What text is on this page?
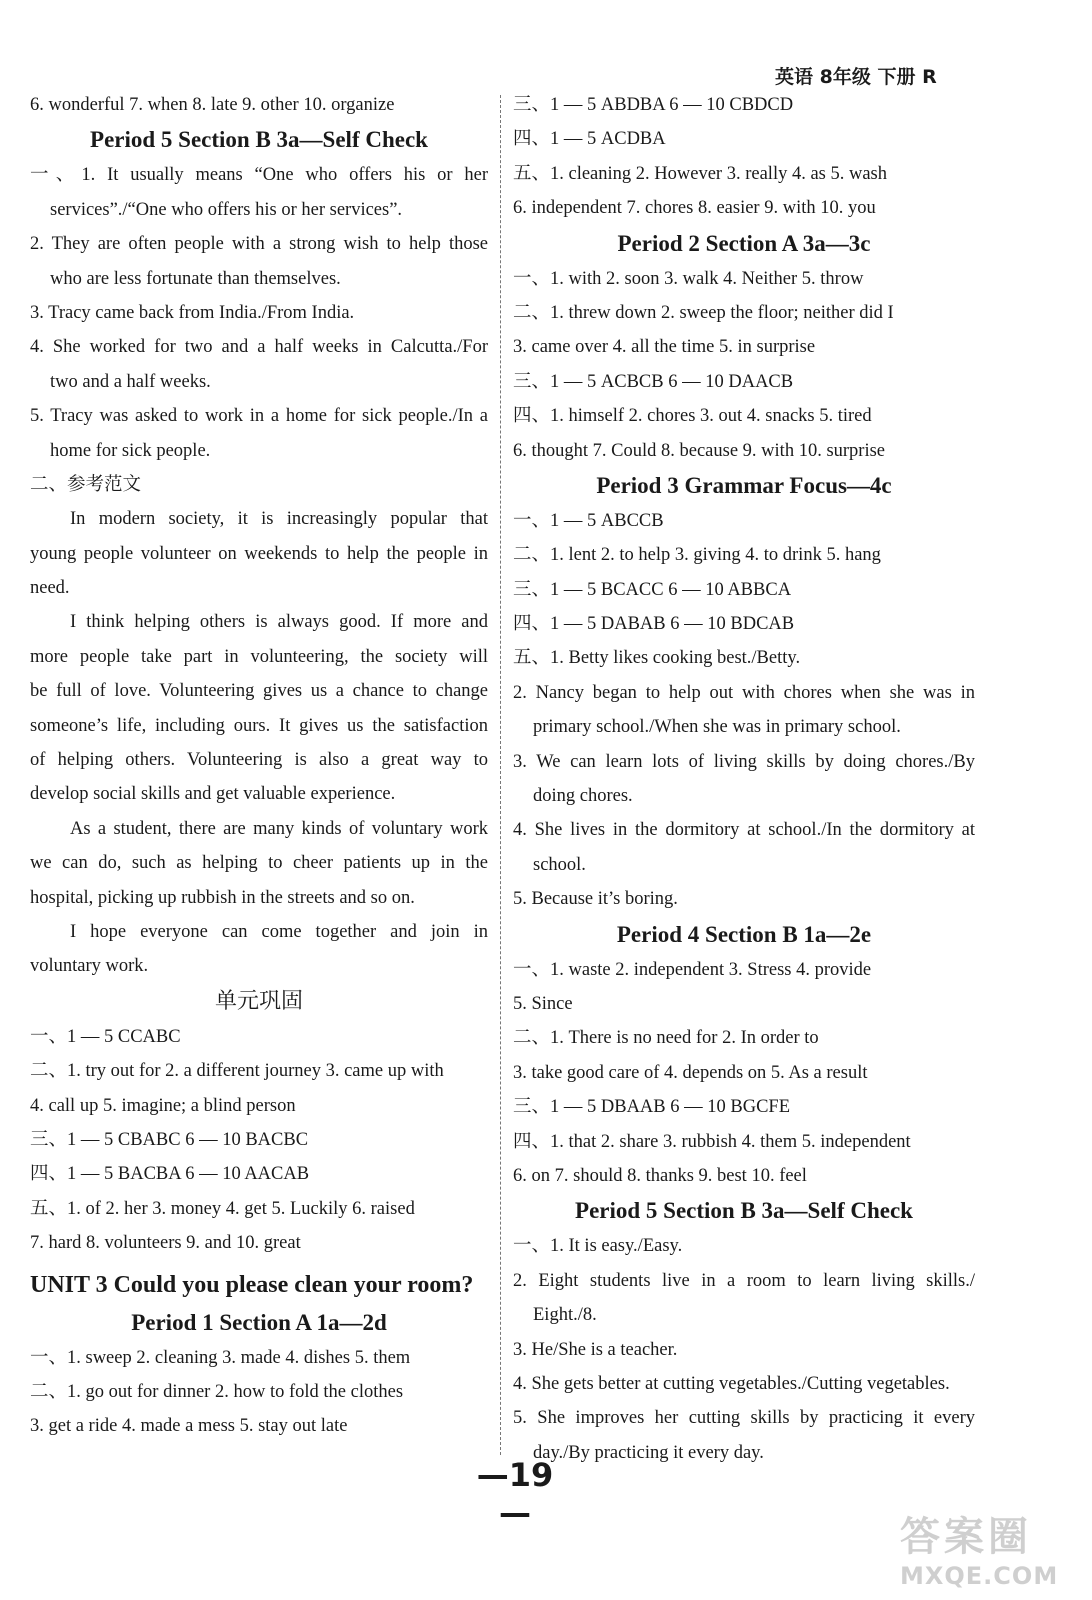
英语 8年级 下册 R
6. wonderful 7. when 8. late 9. other 10. organize
Period 5 Section B 3a—Self Check
一、1. It usually means “One who offers his or her
services”./“One who offers his or her services”.
2. They are often people with a strong wish to help those
who are less fortunate than themselves.
3. Tracy came back from India./From India.
4. She worked for two and a half weeks in Calcutta./For
two and a half weeks.
5. Tracy was asked to work in a home for sick people./In a
home for sick people.
二、参考范文
In modern society, it is increasingly popular that
young people volunteer on weekends to help the people in
need.
I think helping others is always good. If more and
more people take part in volunteering, the society will
be full of love. Volunteering gives us a chance to change
someone’s life, including ours. It gives us the satisfaction
of helping others. Volunteering is also a great way to
develop social skills and get valuable experience.
As a student, there are many kinds of voluntary work
we can do, such as helping to cheer patients up in the
hospital, picking up rubbish in the streets and so on.
I hope everyone can come together and join in
voluntary work.
单元巩固
一、1 — 5 CCABC
二、1. try out for 2. a different journey 3. came up with
4. call up 5. imagine; a blind person
三、1 — 5 CBABC 6 — 10 BACBC
四、1 — 5 BACBA 6 — 10 AACAB
五、1. of 2. her 3. money 4. get 5. Luckily 6. raised
7. hard 8. volunteers 9. and 10. great
UNIT 3 Could you please clean your room?
Period 1 Section A 1a—2d
一、1. sweep 2. cleaning 3. made 4. dishes 5. them
二、1. go out for dinner 2. how to fold the clothes
3. get a ride 4. made a mess 5. stay out late
三、1 — 5 ABDBA 6 — 10 CBDCD
四、1 — 5 ACDBA
五、1. cleaning 2. However 3. really 4. as 5. wash
6. independent 7. chores 8. easier 9. with 10. you
Period 2 Section A 3a—3c
一、1. with 2. soon 3. walk 4. Neither 5. throw
二、1. threw down 2. sweep the floor; neither did I
3. came over 4. all the time 5. in surprise
三、1 — 5 ACBCB 6 — 10 DAACB
四、1. himself 2. chores 3. out 4. snacks 5. tired
6. thought 7. Could 8. because 9. with 10. surprise
Period 3 Grammar Focus—4c
一、1 — 5 ABCCB
二、1. lent 2. to help 3. giving 4. to drink 5. hang
三、1 — 5 BCACC 6 — 10 ABBCA
四、1 — 5 DABAB 6 — 10 BDCAB
五、1. Betty likes cooking best./Betty.
2. Nancy began to help out with chores when she was in
primary school./When she was in primary school.
3. We can learn lots of living skills by doing chores./By
doing chores.
4. She lives in the dormitory at school./In the dormitory at
school.
5. Because it’s boring.
Period 4 Section B 1a—2e
一、1. waste 2. independent 3. Stress 4. provide
5. Since
二、1. There is no need for 2. In order to
3. take good care of 4. depends on 5. As a result
三、1 — 5 DBAAB 6 — 10 BGCFE
四、1. that 2. share 3. rubbish 4. them 5. independent
6. on 7. should 8. thanks 9. best 10. feel
Period 5 Section B 3a—Self Check
一、1. It is easy./Easy.
2. Eight students live in a room to learn living skills./
Eight./8.
3. He/She is a teacher.
4. She gets better at cutting vegetables./Cutting vegetables.
5. She improves her cutting skills by practicing it every
day./By practicing it every day.
—19—
答案圈
MXQE.COM
